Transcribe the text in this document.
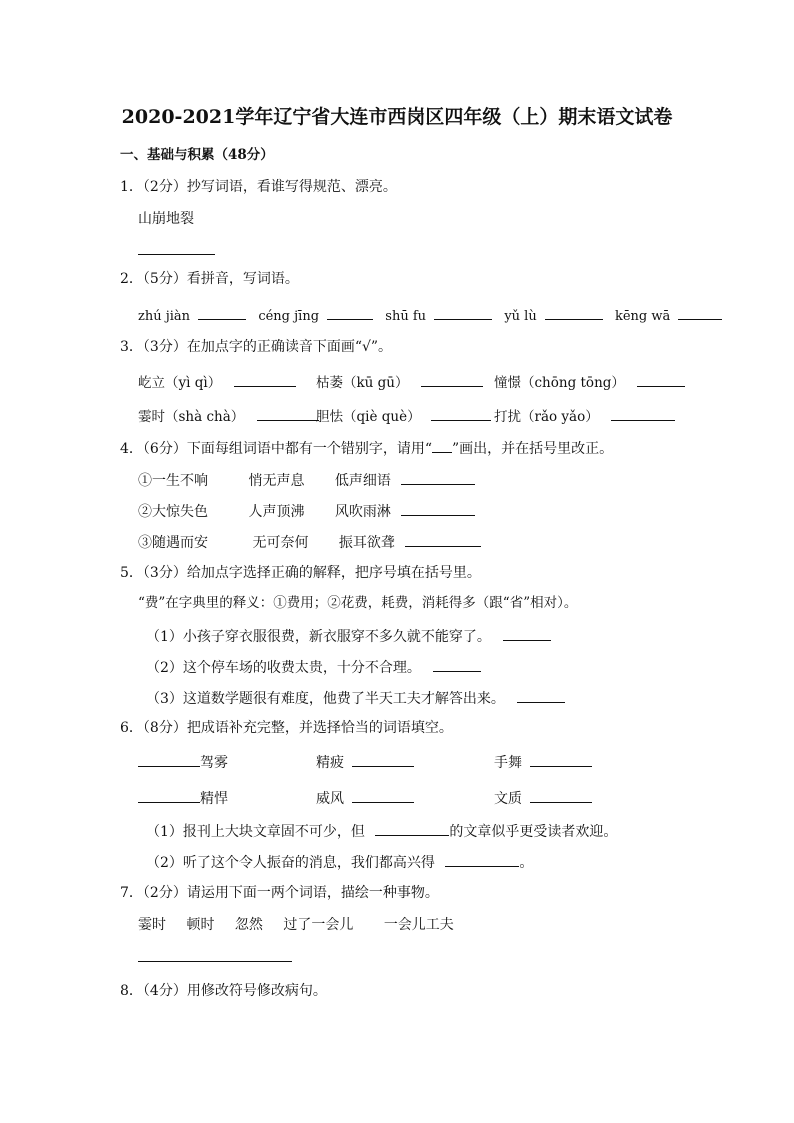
2020-2021学年辽宁省大连市西岗区四年级（上）期末语文试卷
一、基础与积累（48分）
1．（2分）抄写词语，看谁写得规范、漂亮。
山崩地裂
2．（5分）看拼音，写词语。
zhú jiàn	céng jīng	shū fu	yǔ lù	kēng wā
3．（3分）在加点字的正确读音下面画“√”。
屹立（yì qì）	枯萎（kū gū）	憧憬（chōng tōng）
霎时（shà chà）	胆怯（qiè què）	打扰（rǎo yǎo）
4．（6分）下面每组词语中都有一个错别字，请用“ ”画出，并在括号里改正。
①一生不响	悄无声息 低声细语
②大惊失色	人声顶沸 风吹雨淋
③随遇而安	无可奈何 振耳欲聋
5．（3分）给加点字选择正确的解释，把序号填在括号里。
“费”在字典里的释义：①费用；②花费，耗费，消耗得多（跟“省”相对）。
（1）小孩子穿衣服很费，新衣服穿不多久就不能穿了。
（2）这个停车场的收费太贵，十分不合理。
（3）这道数学题很有难度，他费了半天工夫才解答出来。
6．（8分）把成语补充完整，并选择恰当的词语填空。
驾雾	精疲	手舞
精悍	威风	文质
（1）报刊上大块文章固不可少，但	的文章似乎更受读者欢迎。
（2）听了这个令人振奋的消息，我们都高兴得	。
7．（2分）请运用下面一两个词语，描绘一种事物。
霎时 顿时 忽然 过了一会儿 一会儿工夫
8．（4分）用修改符号修改病句。
